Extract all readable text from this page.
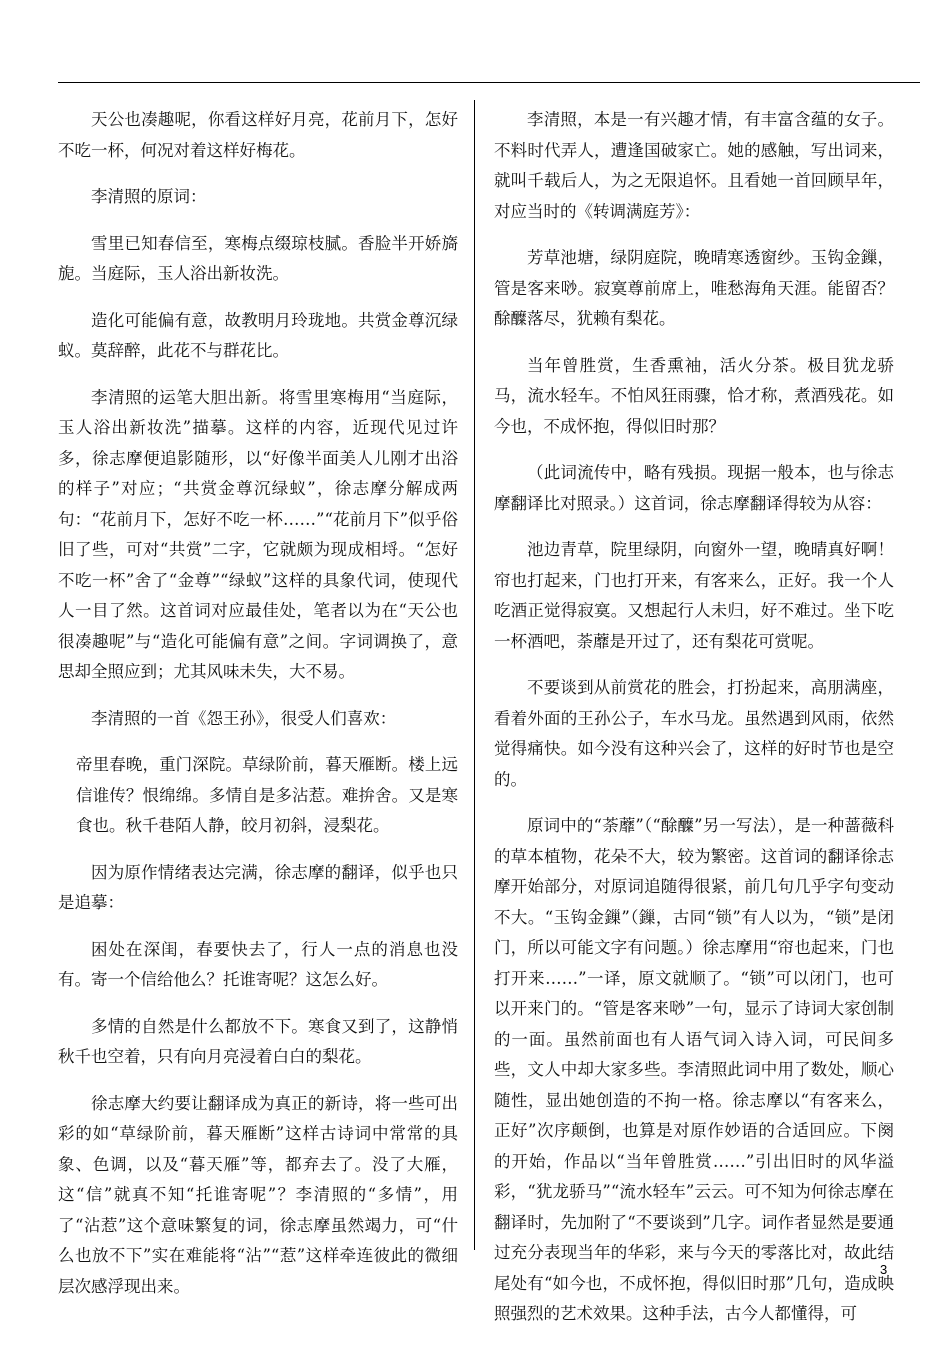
天公也凑趣呢，你看这样好月亮，花前月下，怎好不吃一杯，何况对着这样好梅花。

李清照的原词：

雪里已知春信至，寒梅点缀琼枝腻。香脸半开娇旖旎。当庭际，玉人浴出新妆洗。

造化可能偏有意，故教明月玲珑地。共赏金尊沉绿蚁。莫辞醉，此花不与群花比。

李清照的运笔大胆出新。将雪里寒梅用“当庭际，玉人浴出新妆洗”描摹。这样的内容，近现代见过许多，徐志摩便追影随形，以“好像半面美人儿刚才出浴的样子”对应；“共赏金尊沉绿蚁”，徐志摩分解成两句：“花前月下，怎好不吃一杯……”“花前月下”似乎俗旧了些，可对“共赏”二字，它就颇为现成相埒。“怎好不吃一杯”舍了“金尊”“绿蚁”这样的具象代词，使现代人一目了然。这首词对应最佳处，笔者以为在“天公也很凑趣呢”与“造化可能偏有意”之间。字词调换了，意思却全照应到；尤其风味未失，大不易。

李清照的一首《怨王孙》，很受人们喜欢：

帝里春晚，重门深院。草绿阶前，暮天雁断。楼上远信谁传？恨绵绵。多情自是多沾惹。难拚舍。又是寒食也。秋千巷陌人静，皎月初斜，浸梨花。

因为原作情绪表达完满，徐志摩的翻译，似乎也只是追摹：

困处在深闺，春要快去了，行人一点的消息也没有。寄一个信给他么？托谁寄呢？这怎么好。

多情的自然是什么都放不下。寒食又到了，这静悄秋千也空着，只有向月亮浸着白白的梨花。

徐志摩大约要让翻译成为真正的新诗，将一些可出彩的如“草绿阶前，暮天雁断”这样古诗词中常常的具象、色调，以及“暮天雁”等，都弃去了。没了大雁，这“信”就真不知“托谁寄呢”？李清照的“多情”，用了“沾惹”这个意味繁复的词，徐志摩虽然竭力，可“什么也放不下”实在难能将“沾”“惹”这样牵连彼此的微细层次感浮现出来。

李清照，本是一有兴趣才情，有丰富含蕴的女子。不料时代弄人，遭逢国破家亡。她的感触，写出词来，就叫千载后人，为之无限追怀。且看她一首回顾早年，对应当时的《转调满庭芳》：

芳草池塘，绿阴庭院，晚晴寒透窗纱。玉钩金鏁，管是客来唦。寂寞尊前席上，唯愁海角天涯。能留否？酴醾落尽，犹赖有梨花。

当年曾胜赏，生香熏袖，活火分茶。极目犹龙骄马，流水轻车。不怕风狂雨骤，恰才称，煮酒残花。如今也，不成怀抱，得似旧时那？

（此词流传中，略有残损。现据一般本，也与徐志摩翻译比对照录。）这首词，徐志摩翻译得较为从容：

池边青草，院里绿阴，向窗外一望，晚晴真好啊！帘也打起来，门也打开来，有客来么，正好。我一个人吃酒正觉得寂寞。又想起行人未归，好不难过。坐下吃一杯酒吧，荼蘼是开过了，还有梨花可赏呢。

不要谈到从前赏花的胜会，打扮起来，高朋满座，看着外面的王孙公子，车水马龙。虽然遇到风雨，依然觉得痛快。如今没有这种兴会了，这样的好时节也是空的。

原词中的“荼蘼”（“酴醾”另一写法），是一种蔷薇科的草本植物，花朵不大，较为繁密。这首词的翻译徐志摩开始部分，对原词追随得很紧，前几句几乎字句变动不大。“玉钩金鏁”（鏁，古同“锁”有人以为，“锁”是闭门，所以可能文字有问题。）徐志摩用“帘也起来，门也打开来……”一译，原文就顺了。“锁”可以闭门，也可以开来门的。“管是客来唦”一句，显示了诗词大家创制的一面。虽然前面也有人语气词入诗入词，可民间多些，文人中却大家多些。李清照此词中用了数处，顺心随性，显出她创造的不拘一格。徐志摩以“有客来么，正好”次序颠倒，也算是对原作妙语的合适回应。下阕的开始，作品以“当年曾胜赏……”引出旧时的风华溢彩，“犹龙骄马”“流水轻车”云云。可不知为何徐志摩在翻译时，先加附了“不要谈到”几字。词作者显然是要通过充分表现当年的华彩，来与今天的零落比对，故此结尾处有“如今也，不成怀抱，得似旧时那”几句，造成映照强烈的艺术效果。这种手法，古今人都懂得，可

3
